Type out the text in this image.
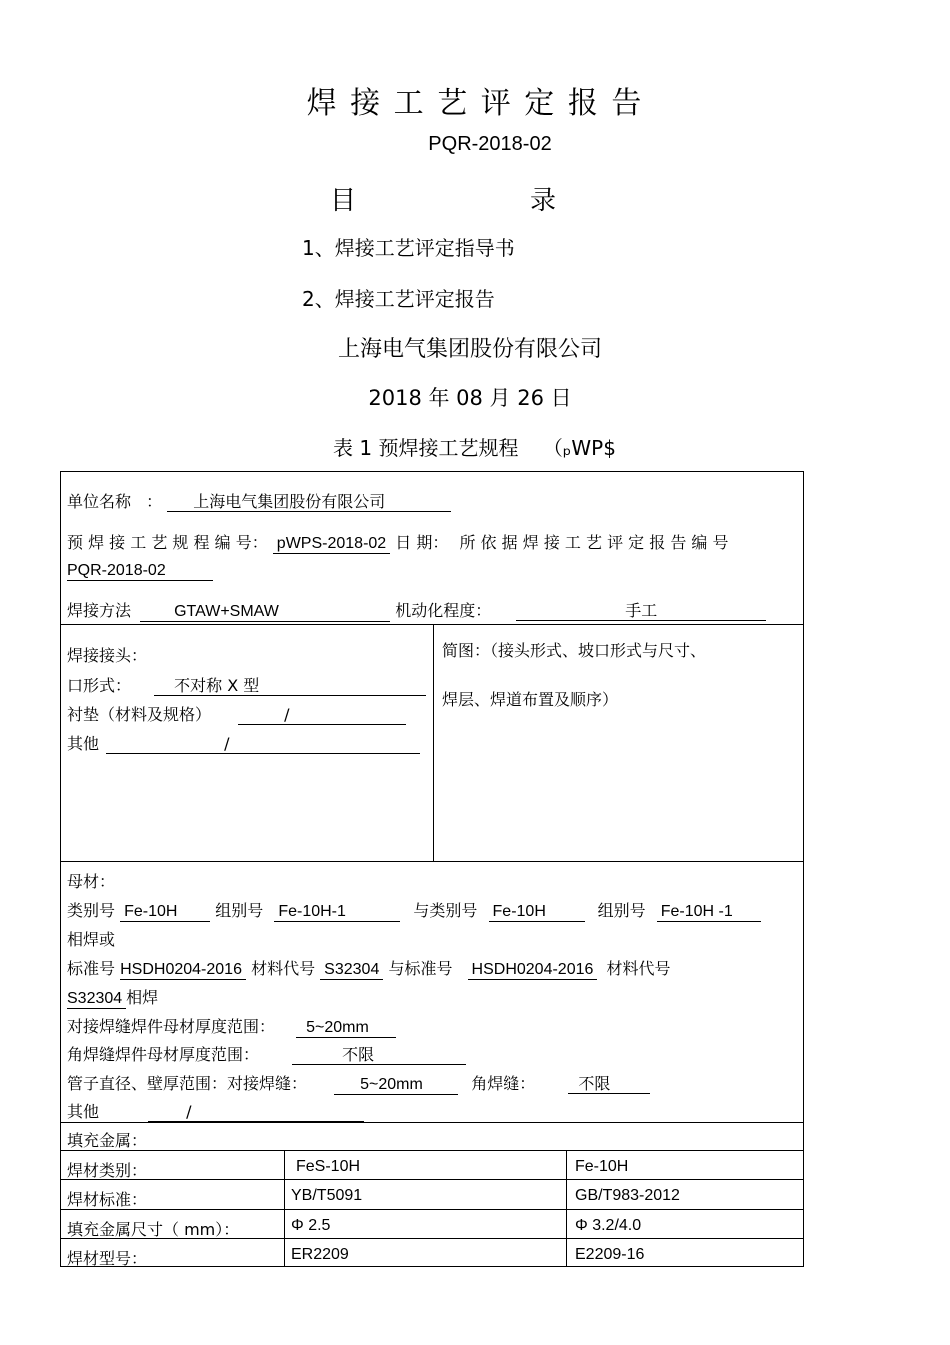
焊 接 工 艺 评 定 报 告
PQR-2018-02
目	录
1、焊接工艺评定指导书
2、焊接工艺评定报告
上海电气集团股份有限公司
2018 年 08 月 26 日
表 1 预焊接工艺规程 （ₚWP$
单位名称 ： 上海电气集团股份有限公司
预 焊 接 工 艺 规 程 编 号： pWPS-2018-02 日 期： 所 依 据 焊 接 工 艺 评 定 报 告 编 号
PQR-2018-02
焊接方法	GTAW+SMAW	机动化程度：	手工
焊接接头：
口形式：	不对称 X 型
衬垫（材料及规格）	/
其他	/
简图：（接头形式、坡口形式与尺寸、
焊层、焊道布置及顺序）
母材：
类别号 Fe-10H 组别号 Fe-10H-1	与类别号 Fe-10H	组别号 Fe-10H -1
相焊或
标准号 HSDH0204-2016 材料代号 S32304 与标准号 HSDH0204-2016 材料代号
S32304 相焊
对接焊缝焊件母材厚度范围： 5~20mm
角焊缝焊件母材厚度范围：	不限
管子直径、壁厚范围：对接焊缝：	5~20mm	角焊缝：	不限
其他	/
填充金属：
焊材类别：	FeS-10H	Fe-10H
焊材标准：	YB/T5091	GB/T983-2012
填充金属尺寸（ mm）：	Φ 2.5	Φ 3.2/4.0
焊材型号：	ER2209	E2209-16
